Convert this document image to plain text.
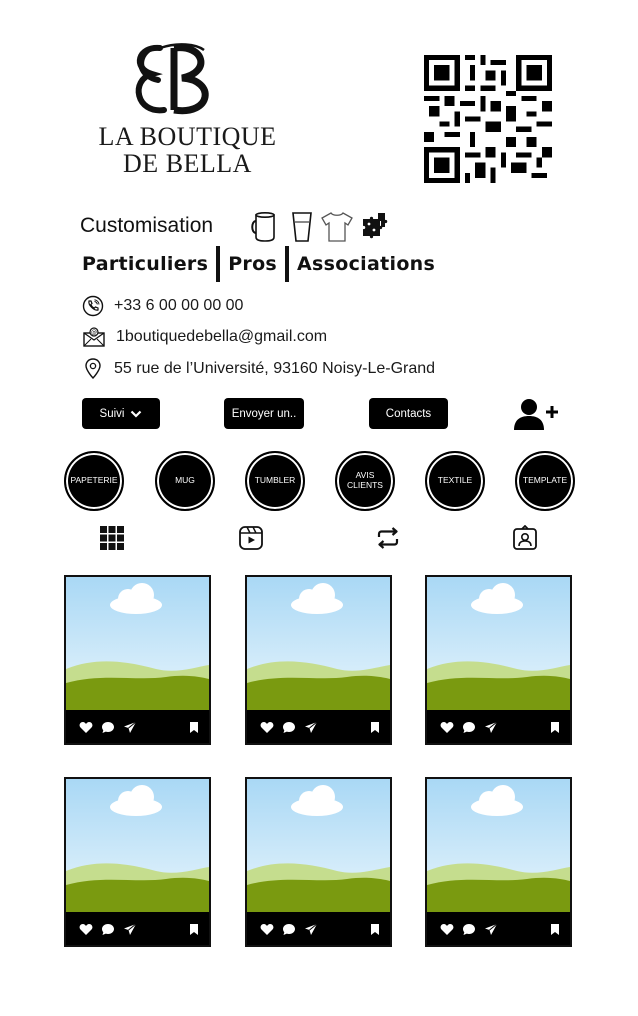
LA BOUTIQUE
DE BELLA
Customisation
Particuliers	Pros	Associations
+33 6 00 00 00 00
@ 1boutiquedebella@gmail.com
55 rue de l’Université, 93160 Noisy-Le-Grand
Suivi	Envoyer un..	Contacts
PAPETERIE	MUG	TUMBLER	AVIS
CLIENTS	TEXTILE	TEMPLATE
